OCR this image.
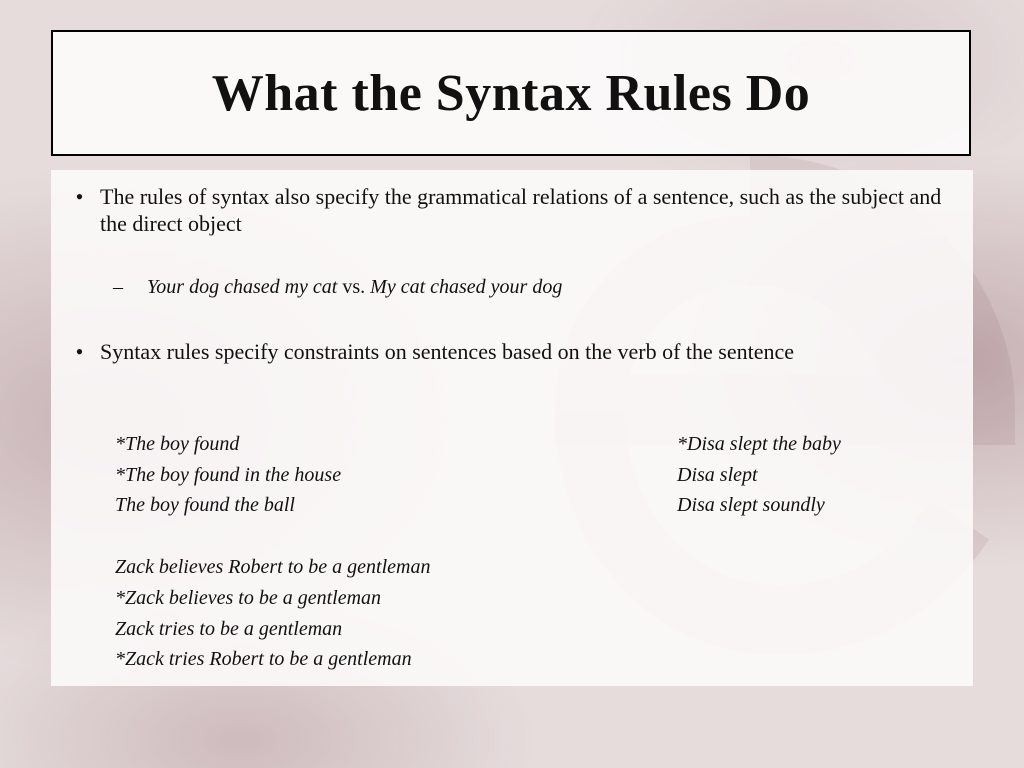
What the Syntax Rules Do
• The rules of syntax also specify the grammatical relations of a sentence, such as the subject and the direct object
–	Your dog chased my cat vs. My cat chased your dog
• Syntax rules specify constraints on sentences based on the verb of the sentence
*The boy found
*The boy found in the house
The boy found the ball
*Disa slept the baby
Disa slept
Disa slept soundly
Zack believes Robert to be a gentleman
*Zack believes to be a gentleman
Zack tries to be a gentleman
*Zack tries Robert to be a gentleman
